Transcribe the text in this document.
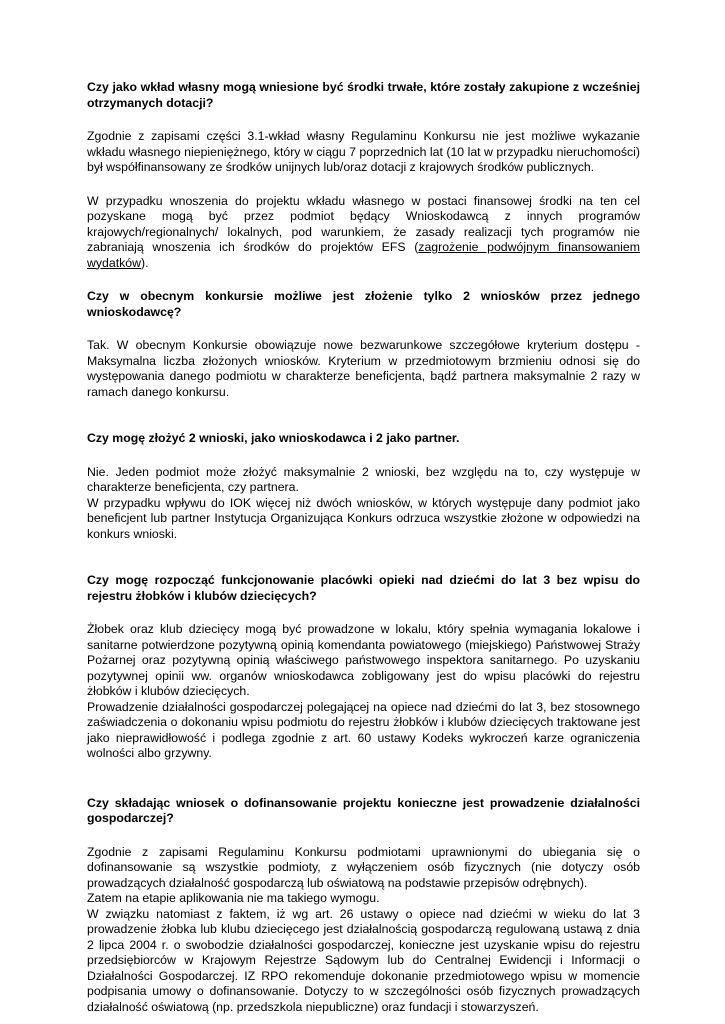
Czy jako wkład własny mogą wniesione być środki trwałe, które zostały zakupione z wcześniej otrzymanych dotacji?

Zgodnie z zapisami części 3.1-wkład własny Regulaminu Konkursu nie jest możliwe wykazanie wkładu własnego niepieniężnego, który w ciągu 7 poprzednich lat (10 lat w przypadku nieruchomości) był współfinansowany ze środków unijnych lub/oraz dotacji z krajowych środków publicznych.

W przypadku wnoszenia do projektu wkładu własnego w postaci finansowej środki na ten cel pozyskane mogą być przez podmiot będący Wnioskodawcą z innych programów krajowych/regionalnych/ lokalnych, pod warunkiem, że zasady realizacji tych programów nie zabraniają wnoszenia ich środków do projektów EFS (zagrożenie podwójnym finansowaniem wydatków).

Czy w obecnym konkursie możliwe jest złożenie tylko 2 wniosków przez jednego wnioskodawcę?

Tak. W obecnym Konkursie obowiązuje nowe bezwarunkowe szczegółowe kryterium dostępu - Maksymalna liczba złożonych wniosków. Kryterium w przedmiotowym brzmieniu odnosi się do występowania danego podmiotu w charakterze beneficjenta, bądź partnera maksymalnie 2 razy w ramach danego konkursu.

Czy mogę złożyć 2 wnioski, jako wnioskodawca i 2 jako partner.

Nie. Jeden podmiot może złożyć maksymalnie 2 wnioski, bez względu na to, czy występuje w charakterze beneficjenta, czy partnera.

W przypadku wpływu do IOK więcej niż dwóch wniosków, w których występuje dany podmiot jako beneficjent lub partner Instytucja Organizująca Konkurs odrzuca wszystkie złożone w odpowiedzi na konkurs wnioski.

Czy mogę rozpocząć funkcjonowanie placówki opieki nad dziećmi do lat 3 bez wpisu do rejestru żłobków i klubów dziecięcych?

Żłobek oraz klub dziecięcy mogą być prowadzone w lokalu, który spełnia wymagania lokalowe i sanitarne potwierdzone pozytywną opinią komendanta powiatowego (miejskiego) Państwowej Straży Pożarnej oraz pozytywną opinią właściwego państwowego inspektora sanitarnego. Po uzyskaniu pozytywnej opinii ww. organów wnioskodawca zobligowany jest do wpisu placówki do rejestru żłobków i klubów dziecięcych.

Prowadzenie działalności gospodarczej polegającej na opiece nad dziećmi do lat 3, bez stosownego zaświadczenia o dokonaniu wpisu podmiotu do rejestru żłobków i klubów dziecięcych traktowane jest jako nieprawidłowość i podlega zgodnie z art. 60 ustawy Kodeks wykroczeń karze ograniczenia wolności albo grzywny.

Czy składając wniosek o dofinansowanie projektu konieczne jest prowadzenie działalności gospodarczej?

Zgodnie z zapisami Regulaminu Konkursu podmiotami uprawnionymi do ubiegania się o dofinansowanie są wszystkie podmioty, z wyłączeniem osób fizycznych (nie dotyczy osób prowadzących działalność gospodarczą lub oświatową na podstawie przepisów odrębnych).

Zatem na etapie aplikowania nie ma takiego wymogu.

W związku natomiast z faktem, iż wg art. 26 ustawy o opiece nad dziećmi w wieku do lat 3 prowadzenie żłobka lub klubu dziecięcego jest działalnością gospodarczą regulowaną ustawą z dnia 2 lipca 2004 r. o swobodzie działalności gospodarczej, konieczne jest uzyskanie wpisu do rejestru przedsiębiorców w Krajowym Rejestrze Sądowym lub do Centralnej Ewidencji i Informacji o Działalności Gospodarczej. IZ RPO rekomenduje dokonanie przedmiotowego wpisu w momencie podpisania umowy o dofinansowanie. Dotyczy to w szczególności osób fizycznych prowadzących działalność oświatową (np. przedszkola niepubliczne) oraz fundacji i stowarzyszeń.
